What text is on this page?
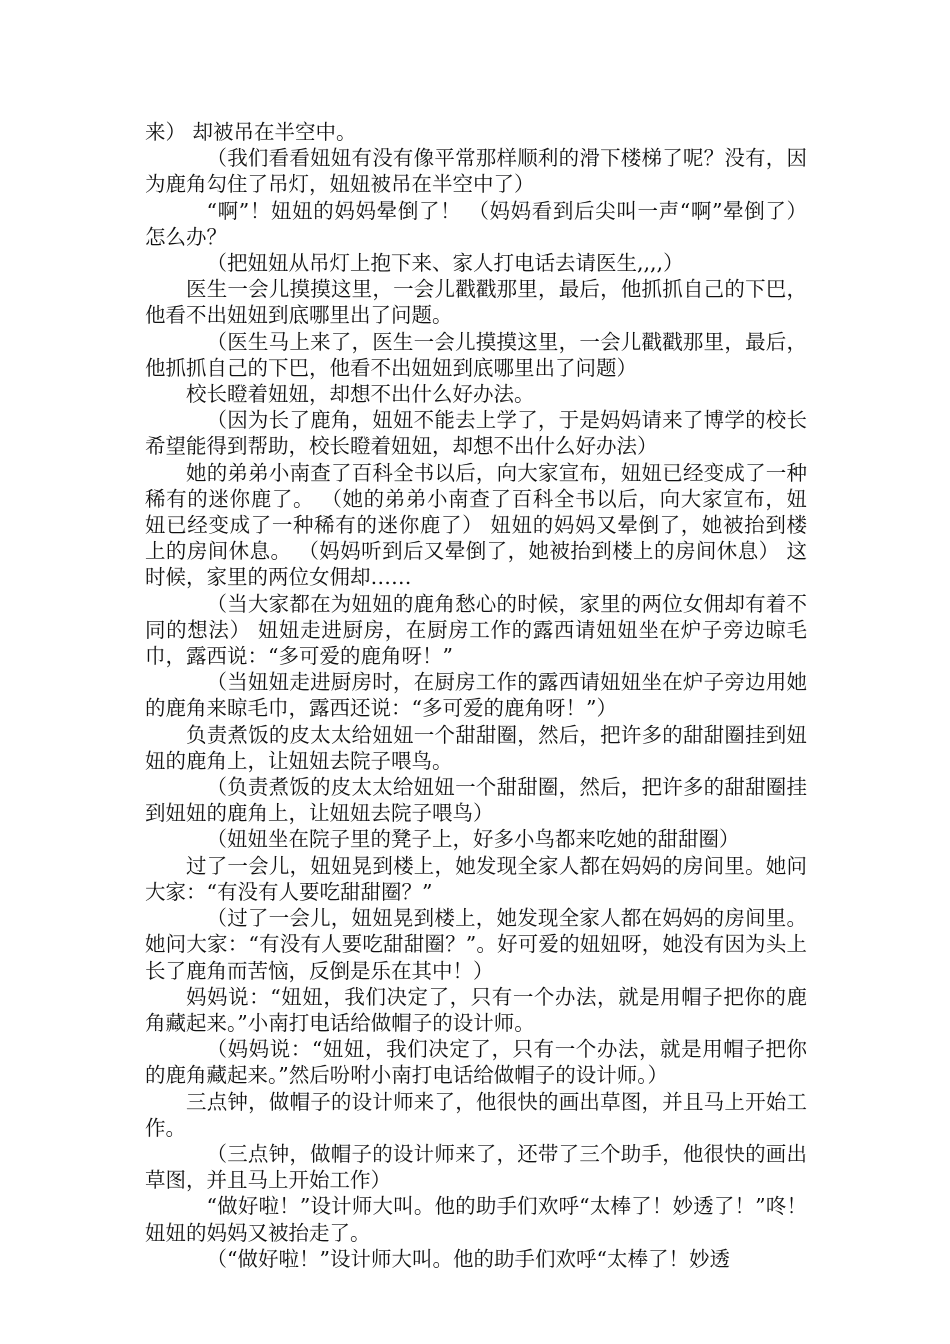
来） 却被吊在半空中。

（我们看看妞妞有没有像平常那样顺利的滑下楼梯了呢？没有，因为鹿角勾住了吊灯，妞妞被吊在半空中了）

“啊”！妞妞的妈妈晕倒了！ （妈妈看到后尖叫一声“啊”晕倒了） 怎么办？

（把妞妞从吊灯上抱下来、家人打电话去请医生,,,,）

医生一会儿摸摸这里，一会儿戳戳那里，最后，他抓抓自己的下巴，他看不出妞妞到底哪里出了问题。

（医生马上来了，医生一会儿摸摸这里，一会儿戳戳那里，最后，他抓抓自己的下巴，他看不出妞妞到底哪里出了问题）

校长瞪着妞妞，却想不出什么好办法。

（因为长了鹿角，妞妞不能去上学了，于是妈妈请来了博学的校长希望能得到帮助，校长瞪着妞妞，却想不出什么好办法）

她的弟弟小南查了百科全书以后，向大家宣布，妞妞已经变成了一种稀有的迷你鹿了。 （她的弟弟小南查了百科全书以后，向大家宣布，妞妞已经变成了一种稀有的迷你鹿了） 妞妞的妈妈又晕倒了，她被抬到楼上的房间休息。 （妈妈听到后又晕倒了，她被抬到楼上的房间休息） 这时候，家里的两位女佣却……

（当大家都在为妞妞的鹿角愁心的时候，家里的两位女佣却有着不同的想法） 妞妞走进厨房，在厨房工作的露西请妞妞坐在炉子旁边晾毛巾，露西说：“多可爱的鹿角呀！”

（当妞妞走进厨房时，在厨房工作的露西请妞妞坐在炉子旁边用她的鹿角来晾毛巾，露西还说：“多可爱的鹿角呀！”）

负责煮饭的皮太太给妞妞一个甜甜圈，然后，把许多的甜甜圈挂到妞妞的鹿角上，让妞妞去院子喂鸟。

（负责煮饭的皮太太给妞妞一个甜甜圈，然后，把许多的甜甜圈挂到妞妞的鹿角上，让妞妞去院子喂鸟）

（妞妞坐在院子里的凳子上，好多小鸟都来吃她的甜甜圈）

过了一会儿，妞妞晃到楼上，她发现全家人都在妈妈的房间里。她问大家：“有没有人要吃甜甜圈？”

（过了一会儿，妞妞晃到楼上，她发现全家人都在妈妈的房间里。她问大家：“有没有人要吃甜甜圈？”。好可爱的妞妞呀，她没有因为头上长了鹿角而苦恼，反倒是乐在其中！）

妈妈说：“妞妞，我们决定了，只有一个办法，就是用帽子把你的鹿角藏起来。”小南打电话给做帽子的设计师。

（妈妈说：“妞妞，我们决定了，只有一个办法，就是用帽子把你的鹿角藏起来。”然后吩咐小南打电话给做帽子的设计师。）

三点钟，做帽子的设计师来了，他很快的画出草图，并且马上开始工作。

（三点钟，做帽子的设计师来了，还带了三个助手，他很快的画出草图，并且马上开始工作）

“做好啦！”设计师大叫。他的助手们欢呼“太棒了！妙透了！”咚！妞妞的妈妈又被抬走了。

（“做好啦！”设计师大叫。他的助手们欢呼“太棒了！妙透
